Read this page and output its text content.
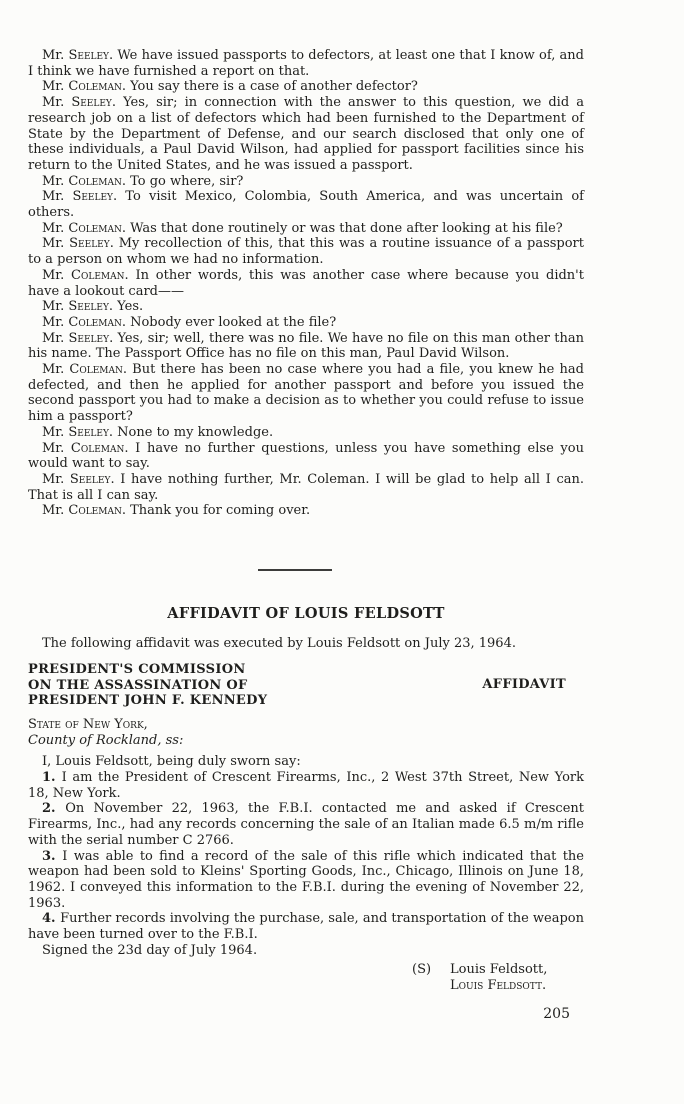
Mr. Seeley. We have issued passports to defectors, at least one that I know of, and I think we have furnished a report on that.

Mr. Coleman. You say there is a case of another defector?

Mr. Seeley. Yes, sir; in connection with the answer to this question, we did a research job on a list of defectors which had been furnished to the Department of State by the Department of Defense, and our search disclosed that only one of these individuals, a Paul David Wilson, had applied for passport facilities since his return to the United States, and he was issued a passport.

Mr. Coleman. To go where, sir?

Mr. Seeley. To visit Mexico, Colombia, South America, and was uncertain of others.

Mr. Coleman. Was that done routinely or was that done after looking at his file?

Mr. Seeley. My recollection of this, that this was a routine issuance of a passport to a person on whom we had no information.

Mr. Coleman. In other words, this was another case where because you didn't have a lookout card——

Mr. Seeley. Yes.

Mr. Coleman. Nobody ever looked at the file?

Mr. Seeley. Yes, sir; well, there was no file. We have no file on this man other than his name. The Passport Office has no file on this man, Paul David Wilson.

Mr. Coleman. But there has been no case where you had a file, you knew he had defected, and then he applied for another passport and before you issued the second passport you had to make a decision as to whether you could refuse to issue him a passport?

Mr. Seeley. None to my knowledge.

Mr. Coleman. I have no further questions, unless you have something else you would want to say.

Mr. Seeley. I have nothing further, Mr. Coleman. I will be glad to help all I can. That is all I can say.

Mr. Coleman. Thank you for coming over.

AFFIDAVIT OF LOUIS FELDSOTT

The following affidavit was executed by Louis Feldsott on July 23, 1964.

PRESIDENT'S COMMISSION
ON THE ASSASSINATION OF
PRESIDENT JOHN F. KENNEDY
AFFIDAVIT
State of New York,
County of Rockland, ss:

I, Louis Feldsott, being duly sworn say:

1. I am the President of Crescent Firearms, Inc., 2 West 37th Street, New York 18, New York.

2. On November 22, 1963, the F.B.I. contacted me and asked if Crescent Firearms, Inc., had any records concerning the sale of an Italian made 6.5 m/m rifle with the serial number C 2766.

3. I was able to find a record of the sale of this rifle which indicated that the weapon had been sold to Kleins' Sporting Goods, Inc., Chicago, Illinois on June 18, 1962. I conveyed this information to the F.B.I. during the evening of November 22, 1963.

4. Further records involving the purchase, sale, and transportation of the weapon have been turned over to the F.B.I.

Signed the 23d day of July 1964.

(S)	Louis Feldsott,
Louis Feldsott.
205
